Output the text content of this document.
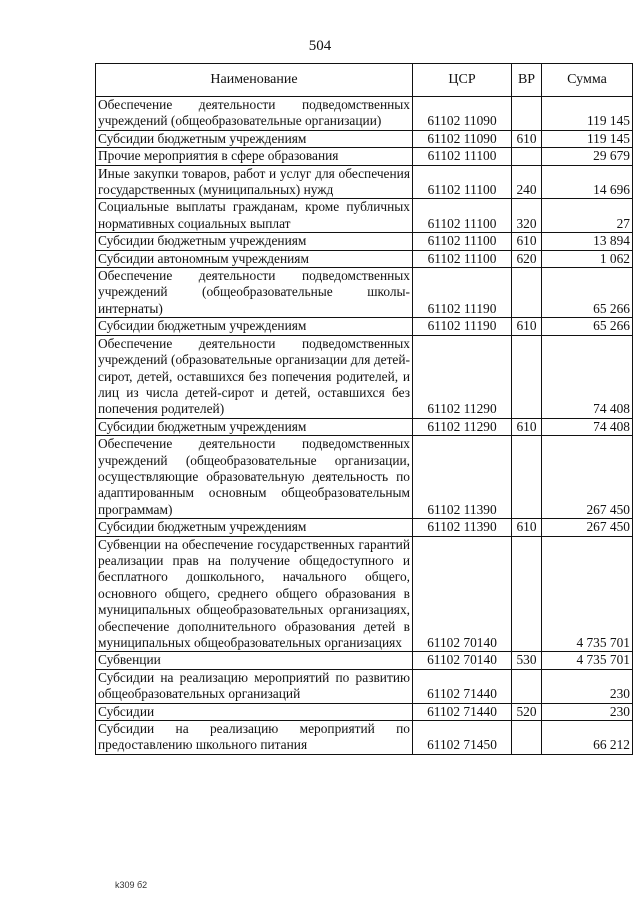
504
Наименование	ЦСР	ВР	Сумма
Обеспечение деятельности подведомственных учреждений (общеобразовательные организации)	61102 11090		119 145
Субсидии бюджетным учреждениям	61102 11090	610	119 145
Прочие мероприятия в сфере образования	61102 11100		29 679
Иные закупки товаров, работ и услуг для обеспечения государственных (муниципальных) нужд	61102 11100	240	14 696
Социальные выплаты гражданам, кроме публичных нормативных социальных выплат	61102 11100	320	27
Субсидии бюджетным учреждениям	61102 11100	610	13 894
Субсидии автономным учреждениям	61102 11100	620	1 062
Обеспечение деятельности подведомственных учреждений (общеобразовательные школы-интернаты)	61102 11190		65 266
Субсидии бюджетным учреждениям	61102 11190	610	65 266
Обеспечение деятельности подведомственных учреждений (образовательные организации для детей-сирот, детей, оставшихся без попечения родителей, и лиц из числа детей-сирот и детей, оставшихся без попечения родителей)	61102 11290		74 408
Субсидии бюджетным учреждениям	61102 11290	610	74 408
Обеспечение деятельности подведомственных учреждений (общеобразовательные организации, осуществляющие образовательную деятельность по адаптированным основным общеобразовательным программам)	61102 11390		267 450
Субсидии бюджетным учреждениям	61102 11390	610	267 450
Субвенции на обеспечение государственных гарантий реализации прав на получение общедоступного и бесплатного дошкольного, начального общего, основного общего, среднего общего образования в муниципальных общеобразовательных организациях, обеспечение дополнительного образования детей в муниципальных общеобразовательных организациях	61102 70140		4 735 701
Субвенции	61102 70140	530	4 735 701
Субсидии на реализацию мероприятий по развитию общеобразовательных организаций	61102 71440		230
Субсидии	61102 71440	520	230
Субсидии на реализацию мероприятий по предоставлению школьного питания	61102 71450		66 212
k309 б2
